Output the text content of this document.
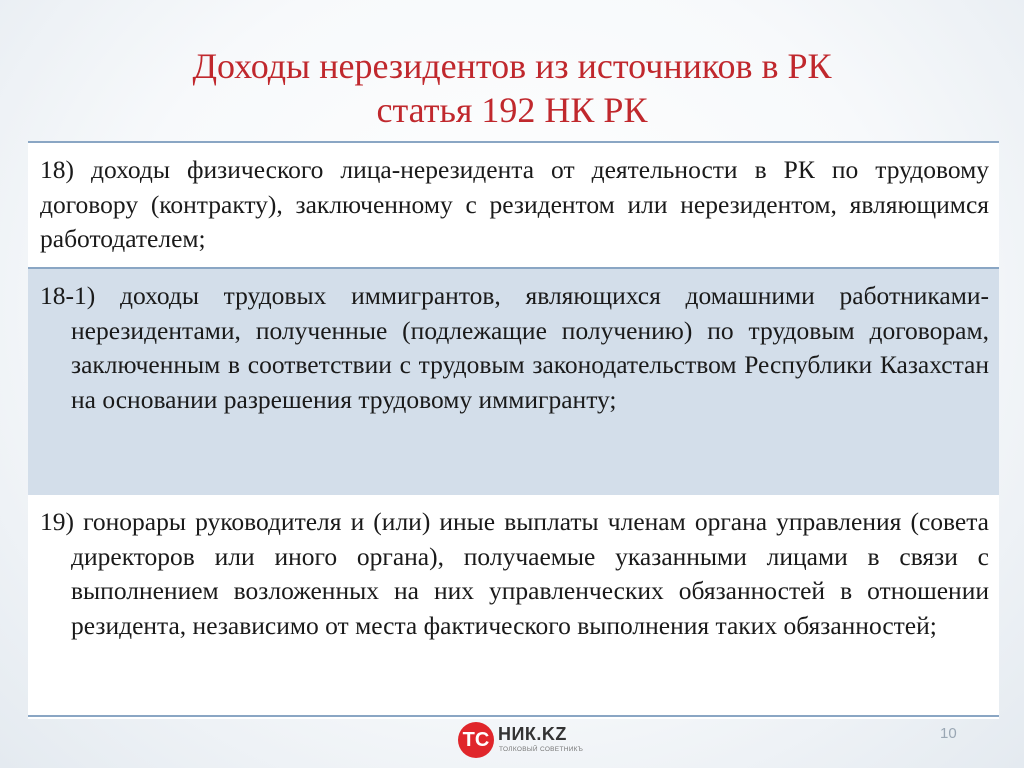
Доходы нерезидентов из источников в РК
статья 192 НК РК
18) доходы физического лица-нерезидента от деятельности в РК по трудовому договору (контракту), заключенному с резидентом или нерезидентом, являющимся работодателем;
18-1) доходы трудовых иммигрантов, являющихся домашними работниками-нерезидентами, полученные (подлежащие получению) по трудовым договорам, заключенным в соответствии с трудовым законодательством Республики Казахстан на основании разрешения трудовому иммигранту;
19) гонорары руководителя и (или) иные выплаты членам органа управления (совета директоров или иного органа), получаемые указанными лицами в связи с выполнением возложенных на них управленческих обязанностей в отношении резидента, независимо от места фактического выполнения таких обязанностей;
ТС НИК.KZ
ТОЛКОВЫЙ СОВЕТНИКЪ
10
